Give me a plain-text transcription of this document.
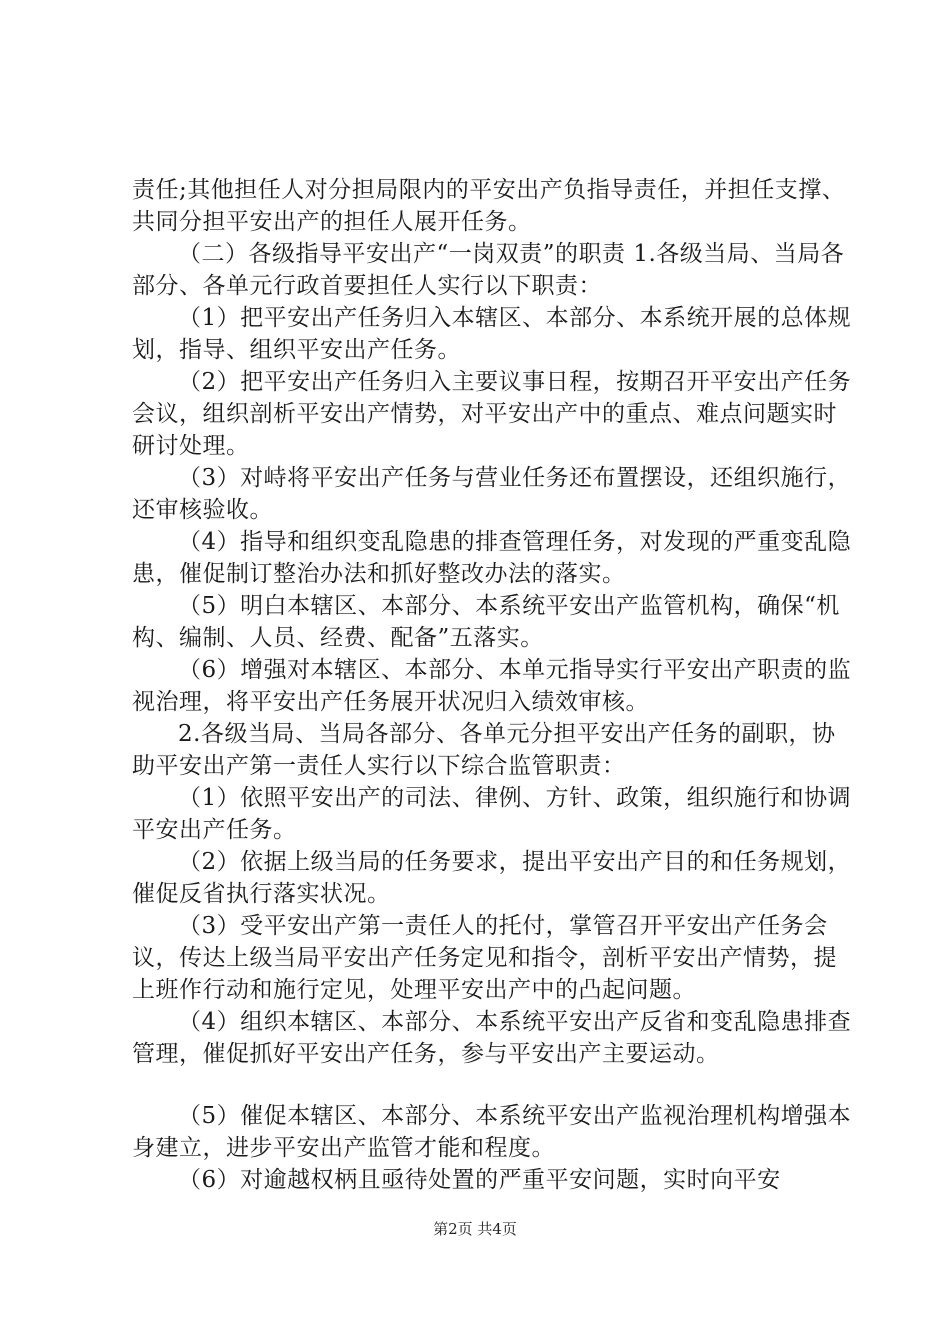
责任;其他担任人对分担局限内的平安出产负指导责任，并担任支撑、共同分担平安出产的担任人展开任务。

（二）各级指导平安出产“一岗双责”的职责 1.各级当局、当局各部分、各单元行政首要担任人实行以下职责：

（1）把平安出产任务归入本辖区、本部分、本系统开展的总体规划，指导、组织平安出产任务。

（2）把平安出产任务归入主要议事日程，按期召开平安出产任务会议，组织剖析平安出产情势，对平安出产中的重点、难点问题实时研讨处理。

（3）对峙将平安出产任务与营业任务还布置摆设，还组织施行，还审核验收。

（4）指导和组织变乱隐患的排查管理任务，对发现的严重变乱隐患，催促制订整治办法和抓好整改办法的落实。

（5）明白本辖区、本部分、本系统平安出产监管机构，确保“机构、编制、人员、经费、配备”五落实。

（6）增强对本辖区、本部分、本单元指导实行平安出产职责的监视治理，将平安出产任务展开状况归入绩效审核。

2.各级当局、当局各部分、各单元分担平安出产任务的副职，协助平安出产第一责任人实行以下综合监管职责：

（1）依照平安出产的司法、律例、方针、政策，组织施行和协调平安出产任务。

（2）依据上级当局的任务要求，提出平安出产目的和任务规划，催促反省执行落实状况。

（3）受平安出产第一责任人的托付，掌管召开平安出产任务会议，传达上级当局平安出产任务定见和指令，剖析平安出产情势，提上班作行动和施行定见，处理平安出产中的凸起问题。

（4）组织本辖区、本部分、本系统平安出产反省和变乱隐患排查管理，催促抓好平安出产任务，参与平安出产主要运动。

（5）催促本辖区、本部分、本系统平安出产监视治理机构增强本身建立，进步平安出产监管才能和程度。

（6）对逾越权柄且亟待处置的严重平安问题，实时向平安

第2页 共4页
